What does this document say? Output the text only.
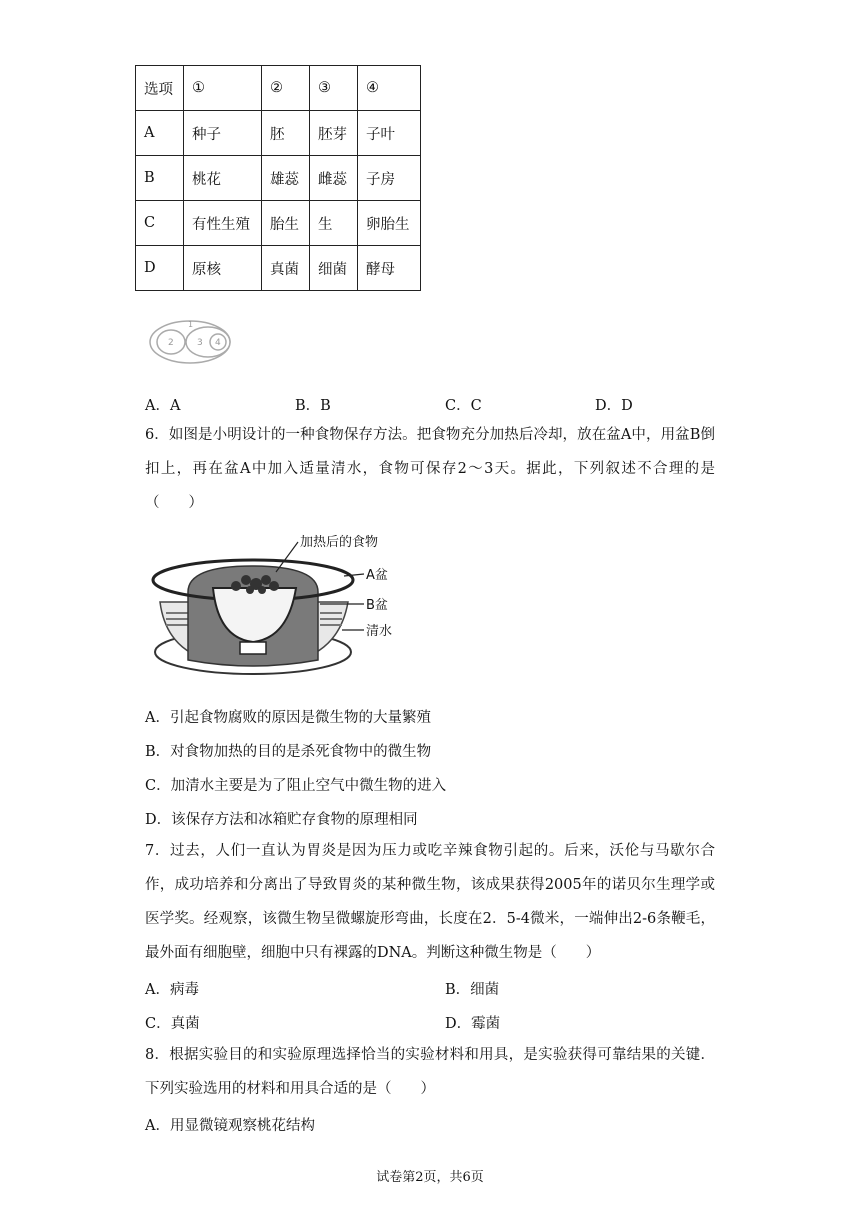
选项	①	②	③	④
A	种子	胚	胚芽	子叶
B	桃花	雄蕊	雌蕊	子房
C	有性生殖	胎生	生	卵胎生
D	原核	真菌	细菌	酵母
1
2	3 4
A．A	B．B	C．C	D．D
6．如图是小明设计的一种食物保存方法。把食物充分加热后冷却，放在盆A中，用盆B倒扣上，再在盆A中加入适量清水，食物可保存2～3天。据此，下列叙述不合理的是（　　）
加热后的食物
A盆
B盆
清水
A．引起食物腐败的原因是微生物的大量繁殖
B．对食物加热的目的是杀死食物中的微生物
C．加清水主要是为了阻止空气中微生物的进入
D．该保存方法和冰箱贮存食物的原理相同
7．过去，人们一直认为胃炎是因为压力或吃辛辣食物引起的。后来，沃伦与马歇尔合作，成功培养和分离出了导致胃炎的某种微生物，该成果获得2005年的诺贝尔生理学或医学奖。经观察，该微生物呈微螺旋形弯曲，长度在2．5-4微米，一端伸出2-6条鞭毛，最外面有细胞壁，细胞中只有裸露的DNA。判断这种微生物是（　　）
A．病毒	B．细菌
C．真菌	D．霉菌
8．根据实验目的和实验原理选择恰当的实验材料和用具，是实验获得可靠结果的关键．下列实验选用的材料和用具合适的是（　　）
A．用显微镜观察桃花结构
试卷第2页，共6页
